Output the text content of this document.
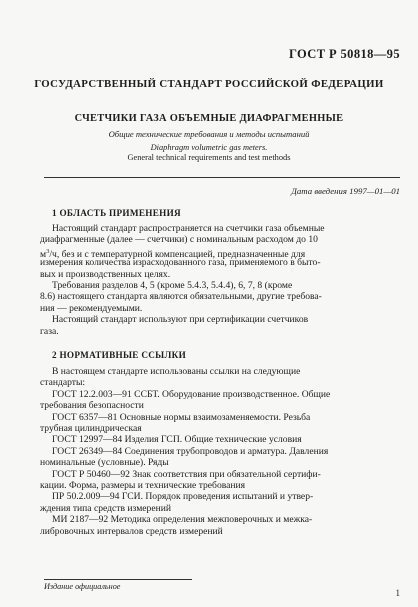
ГОСТ Р 50818—95
ГОСУДАРСТВЕННЫЙ СТАНДАРТ РОССИЙСКОЙ ФЕДЕРАЦИИ
СЧЕТЧИКИ ГАЗА ОБЪЕМНЫЕ ДИАФРАГМЕННЫЕ
Общие технические требования и методы испытаний
Diaphragm volumetric gas meters.
General technical requirements and test methods
Дата введения 1997—01—01
1 ОБЛАСТЬ ПРИМЕНЕНИЯ
Настоящий стандарт распространяется на счетчики газа объемные
диафрагменные (далее — счетчики) с номинальным расходом до 10
$м^3/ч$, без и с температурной компенсацией, предназначенные для
измерения количества израсходованного газа, применяемого в быто-
вых и производственных целях.
Требования разделов 4, 5 (кроме 5.4.3, 5.4.4), 6, 7, 8 (кроме
8.6) настоящего стандарта являются обязательными, другие требова-
ния — рекомендуемыми.
Настоящий стандарт используют при сертификации счетчиков
газа.
2 НОРМАТИВНЫЕ ССЫЛКИ
В настоящем стандарте использованы ссылки на следующие
стандарты:
ГОСТ 12.2.003—91 ССБТ. Оборудование производственное. Общие
требования безопасности
ГОСТ 6357—81 Основные нормы взаимозаменяемости. Резьба
трубная цилиндрическая
ГОСТ 12997—84 Изделия ГСП. Общие технические условия
ГОСТ 26349—84 Соединения трубопроводов и арматура. Давления
номинальные (условные). Ряды
ГОСТ Р 50460—92 Знак соответствия при обязательной сертифи-
кации. Форма, размеры и технические требования
ПР 50.2.009—94 ГСИ. Порядок проведения испытаний и утвер-
ждения типа средств измерений
МИ 2187—92 Методика определения межповерочных и межка-
либровочных интервалов средств измерений
Издание официальное
1
